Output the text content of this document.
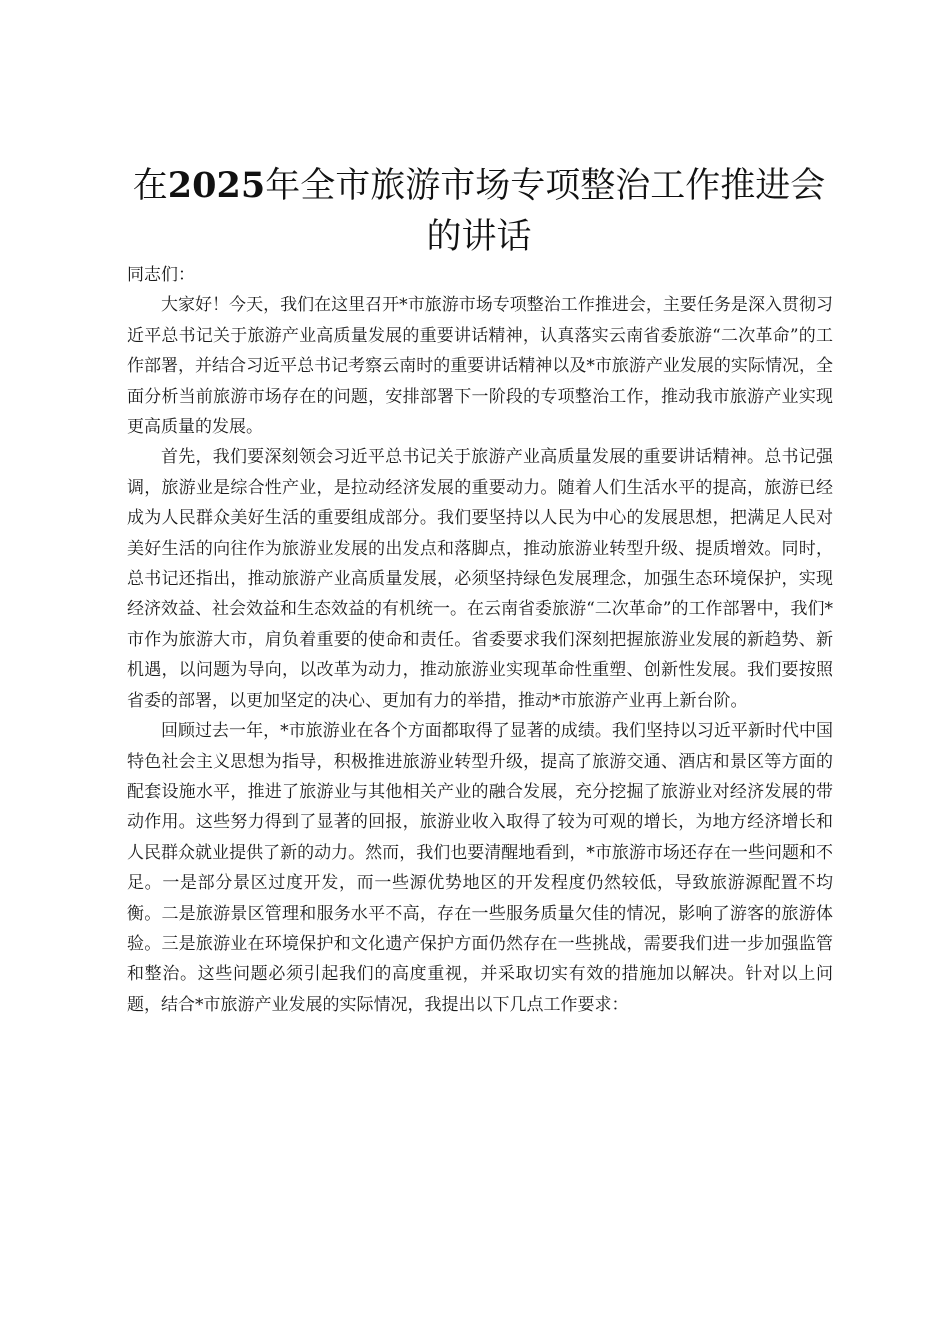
在2025年全市旅游市场专项整治工作推进会
的讲话

同志们：

大家好！今天，我们在这里召开*市旅游市场专项整治工作推进会，主要任务是深入贯彻习近平总书记关于旅游产业高质量发展的重要讲话精神，认真落实云南省委旅游“二次革命”的工作部署，并结合习近平总书记考察云南时的重要讲话精神以及*市旅游产业发展的实际情况，全面分析当前旅游市场存在的问题，安排部署下一阶段的专项整治工作，推动我市旅游产业实现更高质量的发展。

首先，我们要深刻领会习近平总书记关于旅游产业高质量发展的重要讲话精神。总书记强调，旅游业是综合性产业，是拉动经济发展的重要动力。随着人们生活水平的提高，旅游已经成为人民群众美好生活的重要组成部分。我们要坚持以人民为中心的发展思想，把满足人民对美好生活的向往作为旅游业发展的出发点和落脚点，推动旅游业转型升级、提质增效。同时，总书记还指出，推动旅游产业高质量发展，必须坚持绿色发展理念，加强生态环境保护，实现经济效益、社会效益和生态效益的有机统一。在云南省委旅游“二次革命”的工作部署中，我们*市作为旅游大市，肩负着重要的使命和责任。省委要求我们深刻把握旅游业发展的新趋势、新机遇，以问题为导向，以改革为动力，推动旅游业实现革命性重塑、创新性发展。我们要按照省委的部署，以更加坚定的决心、更加有力的举措，推动*市旅游产业再上新台阶。

回顾过去一年，*市旅游业在各个方面都取得了显著的成绩。我们坚持以习近平新时代中国特色社会主义思想为指导，积极推进旅游业转型升级，提高了旅游交通、酒店和景区等方面的配套设施水平，推进了旅游业与其他相关产业的融合发展，充分挖掘了旅游业对经济发展的带动作用。这些努力得到了显著的回报，旅游业收入取得了较为可观的增长，为地方经济增长和人民群众就业提供了新的动力。然而，我们也要清醒地看到，*市旅游市场还存在一些问题和不足。一是部分景区过度开发，而一些源优势地区的开发程度仍然较低，导致旅游源配置不均衡。二是旅游景区管理和服务水平不高，存在一些服务质量欠佳的情况，影响了游客的旅游体验。三是旅游业在环境保护和文化遗产保护方面仍然存在一些挑战，需要我们进一步加强监管和整治。这些问题必须引起我们的高度重视，并采取切实有效的措施加以解决。针对以上问题，结合*市旅游产业发展的实际情况，我提出以下几点工作要求：
